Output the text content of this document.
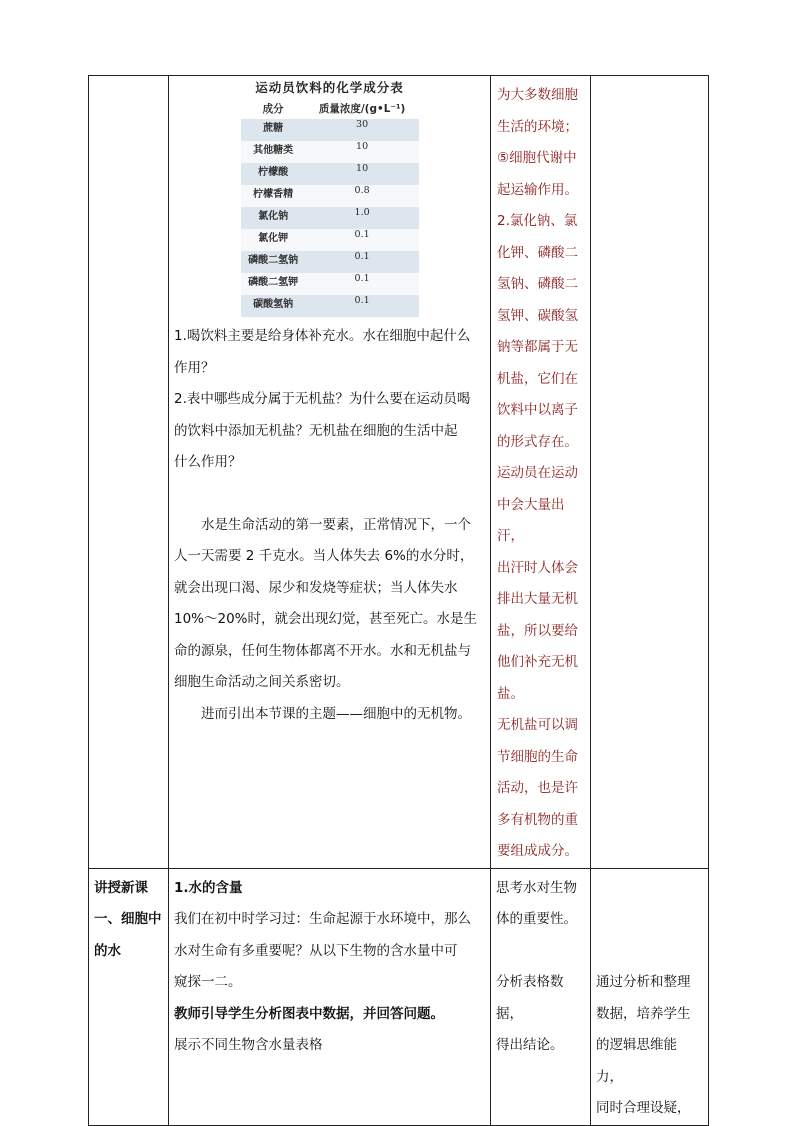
运动员饮料的化学成分表
成分	质量浓度/(g•L⁻¹)
蔗糖	30
其他糖类	10
柠檬酸	10
柠檬香精	0.8
氯化钠	1.0
氯化钾	0.1
磷酸二氢钠	0.1
磷酸二氢钾	0.1
碳酸氢钠	0.1
1.喝饮料主要是给身体补充水。水在细胞中起什么
作用？
2.表中哪些成分属于无机盐？为什么要在运动员喝
的饮料中添加无机盐？无机盐在细胞的生活中起
什么作用？
水是生命活动的第一要素，正常情况下，一个
人一天需要 2 千克水。当人体失去 6%的水分时，
就会出现口渴、尿少和发烧等症状；当人体失水
10%～20%时，就会出现幻觉，甚至死亡。水是生
命的源泉，任何生物体都离不开水。水和无机盐与
细胞生命活动之间关系密切。
进而引出本节课的主题——细胞中的无机物。

为大多数细胞
生活的环境；
⑤细胞代谢中
起运输作用。
2.氯化钠、氯
化钾、磷酸二
氢钠、磷酸二
氢钾、碳酸氢
钠等都属于无
机盐，它们在
饮料中以离子
的形式存在。
运动员在运动
中会大量出汗，
出汗时人体会
排出大量无机
盐，所以要给
他们补充无机
盐。
无机盐可以调
节细胞的生命
活动，也是许
多有机物的重
要组成成分。

讲授新课
一、细胞中
的水

1.水的含量
我们在初中时学习过：生命起源于水环境中，那么
水对生命有多重要呢？从以下生物的含水量中可
窥探一二。
教师引导学生分析图表中数据，并回答问题。
展示不同生物含水量表格

思考水对生物
体的重要性。
分析表格数据，
得出结论。

通过分析和整理
数据，培养学生
的逻辑思维能力，
同时合理设疑，
